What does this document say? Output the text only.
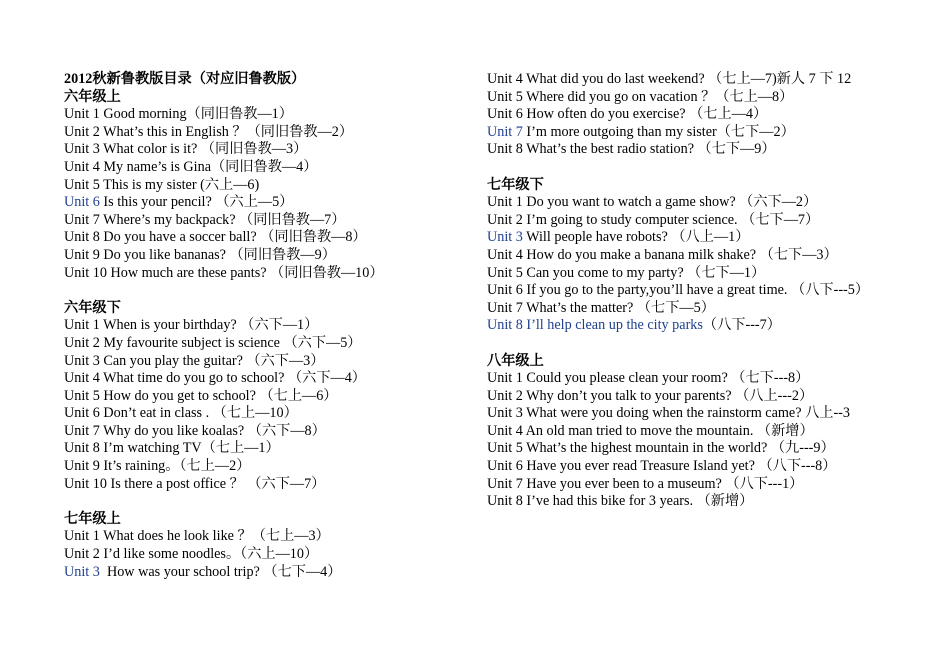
2012秋新鲁教版目录（对应旧鲁教版）
六年级上
Unit 1 Good morning（同旧鲁教—1）
Unit 2 What’s this in English ？（同旧鲁教—2）
Unit 3 What color is it? （同旧鲁教—3）
Unit 4 My name’s is Gina（同旧鲁教—4）
Unit 5 This is my sister (六上—6)
Unit 6 Is this your pencil? （六上—5）
Unit 7 Where’s my backpack? （同旧鲁教—7）
Unit 8 Do you have a soccer ball? （同旧鲁教—8）
Unit 9 Do you like bananas? （同旧鲁教—9）
Unit 10 How much are these pants? （同旧鲁教—10）
六年级下
Unit 1 When is your birthday? （六下—1）
Unit 2 My favourite subject is science （六下—5）
Unit 3 Can you play the guitar? （六下—3）
Unit 4 What time do you go to school? （六下—4）
Unit 5 How do you get to school? （七上—6）
Unit 6 Don’t eat in class . （七上—10）
Unit 7 Why do you like koalas? （六下—8）
Unit 8 I’m watching TV（七上—1）
Unit 9 It’s raining。（七上—2）
Unit 10 Is there a post office ？ （六下—7）
七年级上
Unit 1 What does he look like ？（七上—3）
Unit 2 I’d like some noodles。（六上—10）
Unit 3  How was your school trip? （七下—4）
Unit 4 What did you do last weekend? （七上—7)新人 7 下 12
Unit 5 Where did you go on vacation ？（七上—8）
Unit 6 How often do you exercise? （七上—4）
Unit 7 I’m more outgoing than my sister（七下—2）
Unit 8 What’s the best radio station? （七下—9）
七年级下
Unit 1 Do you want to watch a game show? （六下—2）
Unit 2 I’m going to study computer science. （七下—7）
Unit 3 Will people have robots? （八上—1）
Unit 4 How do you make a banana milk shake? （七下—3）
Unit 5 Can you come to my party? （七下—1）
Unit 6 If you go to the party,you’ll have a great time. （八下---5）
Unit 7 What’s the matter? （七下—5）
Unit 8 I’ll help clean up the city parks（八下---7）
八年级上
Unit 1 Could you please clean your room? （七下---8）
Unit 2 Why don’t you talk to your parents? （八上---2）
Unit 3 What were you doing when the rainstorm came? 八上--3
Unit 4 An old man tried to move the mountain. （新增）
Unit 5 What’s the highest mountain in the world? （九---9）
Unit 6 Have you ever read Treasure Island yet? （八下---8）
Unit 7 Have you ever been to a museum? （八下---1）
Unit 8 I’ve had this bike for 3 years. （新增）
